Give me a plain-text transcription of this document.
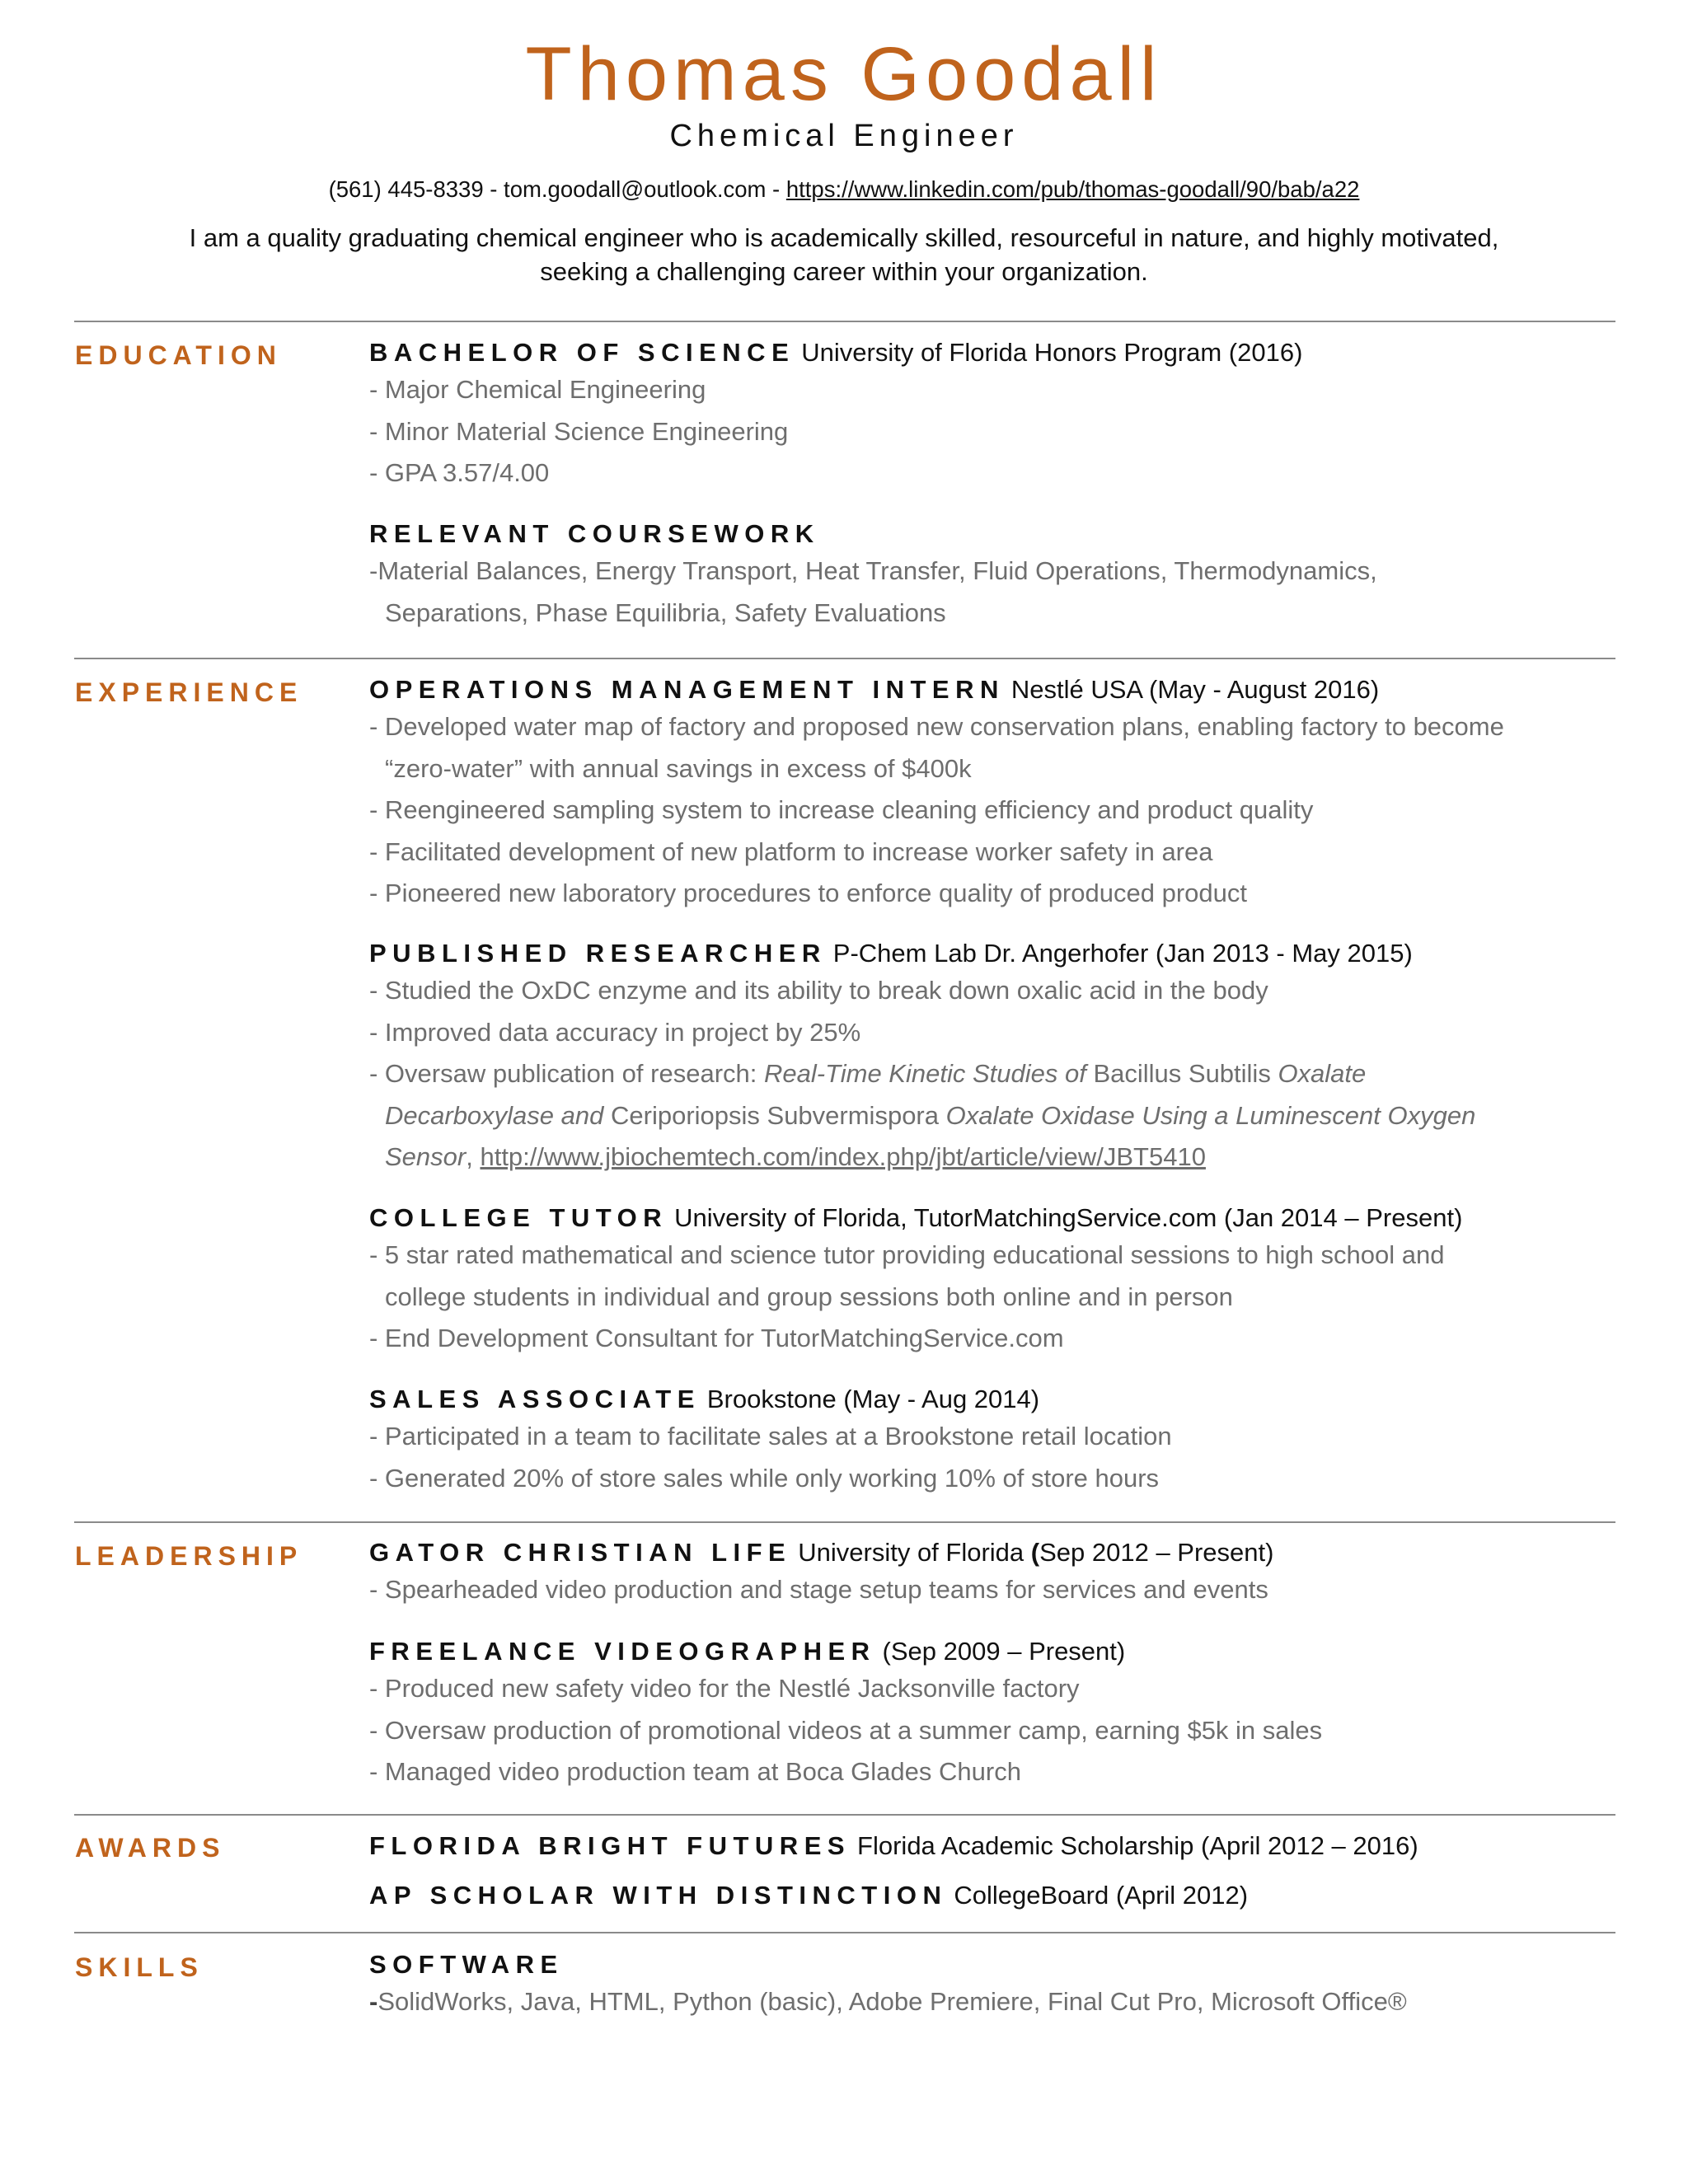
Thomas Goodall
Chemical Engineer
(561) 445-8339 - tom.goodall@outlook.com - https://www.linkedin.com/pub/thomas-goodall/90/bab/a22
I am a quality graduating chemical engineer who is academically skilled, resourceful in nature, and highly motivated,
seeking a challenging career within your organization.
EDUCATION	BACHELOR OF SCIENCE University of Florida Honors Program (2016)
- Major Chemical Engineering
- Minor Material Science Engineering
- GPA 3.57/4.00
RELEVANT COURSEWORK
-Material Balances, Energy Transport, Heat Transfer, Fluid Operations, Thermodynamics,
Separations, Phase Equilibria, Safety Evaluations
EXPERIENCE	OPERATIONS MANAGEMENT INTERN Nestlé USA (May - August 2016)
- Developed water map of factory and proposed new conservation plans, enabling factory to become
“zero-water” with annual savings in excess of $400k
- Reengineered sampling system to increase cleaning efficiency and product quality
- Facilitated development of new platform to increase worker safety in area
- Pioneered new laboratory procedures to enforce quality of produced product
PUBLISHED RESEARCHER P-Chem Lab Dr. Angerhofer (Jan 2013 - May 2015)
- Studied the OxDC enzyme and its ability to break down oxalic acid in the body
- Improved data accuracy in project by 25%
- Oversaw publication of research: Real-Time Kinetic Studies of Bacillus Subtilis Oxalate
Decarboxylase and Ceriporiopsis Subvermispora Oxalate Oxidase Using a Luminescent Oxygen
Sensor, http://www.jbiochemtech.com/index.php/jbt/article/view/JBT5410
COLLEGE TUTOR University of Florida, TutorMatchingService.com (Jan 2014 – Present)
- 5 star rated mathematical and science tutor providing educational sessions to high school and
college students in individual and group sessions both online and in person
- End Development Consultant for TutorMatchingService.com
SALES ASSOCIATE Brookstone (May - Aug 2014)
- Participated in a team to facilitate sales at a Brookstone retail location
- Generated 20% of store sales while only working 10% of store hours
LEADERSHIP	GATOR CHRISTIAN LIFE University of Florida (Sep 2012 – Present)
- Spearheaded video production and stage setup teams for services and events
FREELANCE VIDEOGRAPHER (Sep 2009 – Present)
- Produced new safety video for the Nestlé Jacksonville factory
- Oversaw production of promotional videos at a summer camp, earning $5k in sales
- Managed video production team at Boca Glades Church
AWARDS	FLORIDA BRIGHT FUTURES Florida Academic Scholarship (April 2012 – 2016)
AP SCHOLAR WITH DISTINCTION CollegeBoard (April 2012)
SKILLS	SOFTWARE
-SolidWorks, Java, HTML, Python (basic), Adobe Premiere, Final Cut Pro, Microsoft Office®
